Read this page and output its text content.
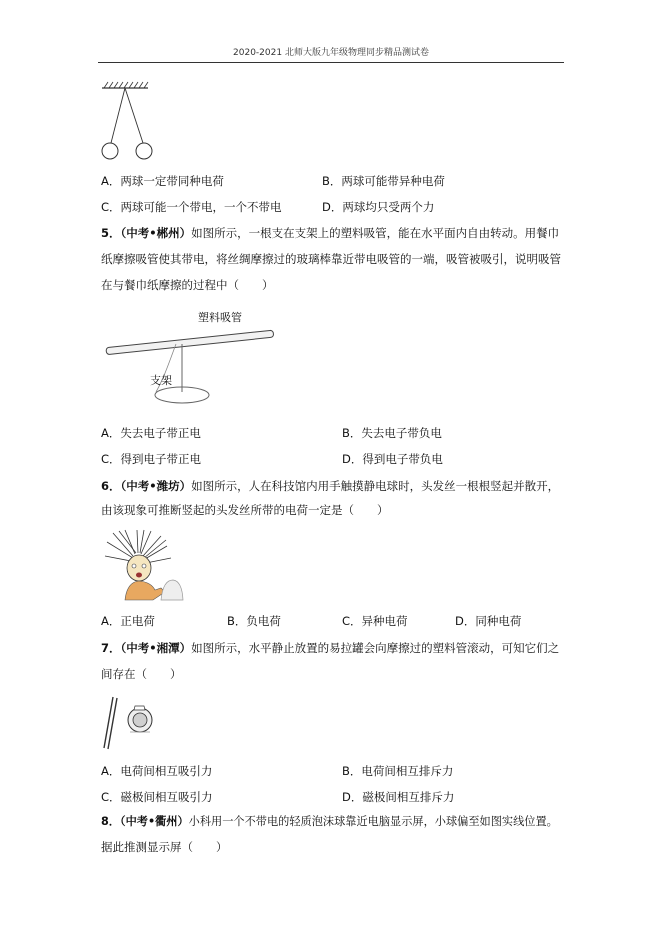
2020-2021 北师大版九年级物理同步精品测试卷
A．两球一定带同种电荷	B．两球可能带异种电荷
C．两球可能一个带电，一个不带电	D．两球均只受两个力
5．（中考•郴州）如图所示，一根支在支架上的塑料吸管，能在水平面内自由转动。用餐巾
纸摩擦吸管使其带电，将丝绸摩擦过的玻璃棒靠近带电吸管的一端，吸管被吸引，说明吸管
在与餐巾纸摩擦的过程中（　　）
塑料吸管
支架
A．失去电子带正电	B．失去电子带负电
C．得到电子带正电	D．得到电子带负电
6．（中考•潍坊）如图所示，人在科技馆内用手触摸静电球时，头发丝一根根竖起并散开，
由该现象可推断竖起的头发丝所带的电荷一定是（　　）
A．正电荷	B．负电荷	C．异种电荷	D．同种电荷
7．（中考•湘潭）如图所示，水平静止放置的易拉罐会向摩擦过的塑料管滚动，可知它们之
间存在（　　）
A．电荷间相互吸引力	B．电荷间相互排斥力
C．磁极间相互吸引力	D．磁极间相互排斥力
8．（中考•衢州）小科用一个不带电的轻质泡沫球靠近电脑显示屏，小球偏至如图实线位置。
据此推测显示屏（　　）
